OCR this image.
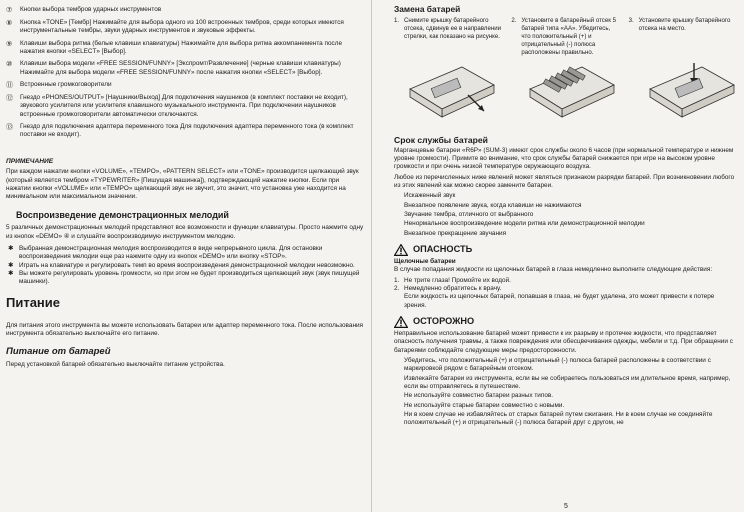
⑦	Кнопки выбора тембров ударных инструментов

⑧	Кнопка «TONE» [Тембр] Нажимайте для выбора одного из 100 встроенных тембров, среди которых имеются инструментальные тембры, звуки ударных инструментов и звуковые эффекты.

⑨	Клавиши выбора ритма (белые клавиши клавиатуры) Нажимайте для выбора ритма аккомпанемента после нажатия кнопки «SELECT» [Выбор].

⑩	Клавиши выбора модели «FREE SESSION/FUNNY» [Экспромт/Развлечение] (черные клавиши клавиатуры) Нажимайте для выбора модели «FREE SESSION/FUNNY» после нажатия кнопки «SELECT» [Выбор].

⑪	Встроенные громкоговорители

⑫	Гнездо «PHONES/OUTPUT» [Наушники/Выход] Для подключения наушников (в комплект поставки не входит), звукового усилителя или усилителя клавишного музыкального инструмента. При подключении наушников встроенные громкоговорители автоматически отключаются.

⑬	Гнездо для подключения адаптера переменного тока Для подключения адаптера переменного тока (в комплект поставки не входит).

ПРИМЕЧАНИЕ

При каждом нажатии кнопки «VOLUME», «TEMPO», «PATTERN SELECT» или «TONE» производится щелкающий звук (который является тембром «TYPEWRITER» [Пишущая машинка]), подтверждающий нажатие кнопки. Если при нажатии кнопки «VOLUME» или «TEMPO» щелкающий звук не звучит, это значит, что установка уже находится на минимальном или максимальном значении.

Воспроизведение демонстрационных мелодий

5 различных демонстрационных мелодий представляют все возможности и функции клавиатуры. Просто нажмите одну из кнопок «DEMO» ④ и слушайте воспроизводимую инструментом мелодию.

✱ Выбранная демонстрационная мелодия воспроизводится в виде непрерывного цикла. Для остановки воспроизведения мелодии еще раз нажмите одну из кнопок «DEMO» или кнопку «STOP».
✱ Играть на клавиатуре и регулировать темп во время воспроизведения демонстрационной мелодии невозможно.
✱ Вы можете регулировать уровень громкости, но при этом не будет производиться щелкающий звук (звук пишущей машинки).
Питание

Для питания этого инструмента вы можете использовать батареи или адаптер переменного тока. После использования инструмента обязательно выключайте его питание.

Питание от батарей

Перед установкой батарей обязательно выключайте питание устройства.

Замена батарей
1. Снимите крышку батарейного отсека, сдвинув ее в направлении стрелки, как показано на рисунке.
2. Установите в батарейный отсек 5 батарей типа «AA». Убедитесь, что положительный (+) и отрицательный (-) полюса расположены правильно.
3. Установите крышку батарейного отсека на место.
Срок службы батарей

Марганцевые батареи «R6P» (SUM-3) имеют срок службы около 6 часов (при нормальной температуре и нижнем уровне громкости). Примите во внимание, что срок службы батарей снижается при игре на высоком уровне громкости и при очень низкой температуре окружающего воздуха.

Любое из перечисленных ниже явлений может являться признаком разрядки батарей. При возникновении любого из этих явлений как можно скорее замените батареи.

Искаженный звук
Внезапное появление звука, когда клавиши не нажимаются
Звучание тембра, отличного от выбранного
Ненормальное воспроизведение модели ритма или демонстрационной мелодии
Внезапное прекращение звучания
ОПАСНОСТЬ

Щелочные батареи

В случае попадания жидкости из щелочных батарей в глаза немедленно выполните следующие действия:

1. Не трите глаза! Промойте их водой.
2. Немедленно обратитесь к врачу.

Если жидкость из щелочных батарей, попавшая в глаза, не будет удалена, это может привести к потере зрения.

ОСТОРОЖНО

Неправильное использование батарей может привести к их разрыву и протечке жидкости, что представляет опасность получения травмы, а также повреждения или обесцвечивания одежды, мебели и т.д. При обращении с батареями соблюдайте следующие меры предосторожности.

Убедитесь, что положительный (+) и отрицательный (-) полюса батарей расположены в соответствии с маркировкой рядом с батарейным отсеком.
Извлекайте батареи из инструмента, если вы не собираетесь пользоваться им длительное время, например, если вы отправляетесь в путешествие.
Не используйте совместно батареи разных типов.
Не используйте старые батареи совместно с новыми.
Ни в коем случае не избавляйтесь от старых батарей путем сжигания. Ни в коем случае не соединяйте положительный (+) и отрицательный (-) полюса батарей друг с другом, не
5
